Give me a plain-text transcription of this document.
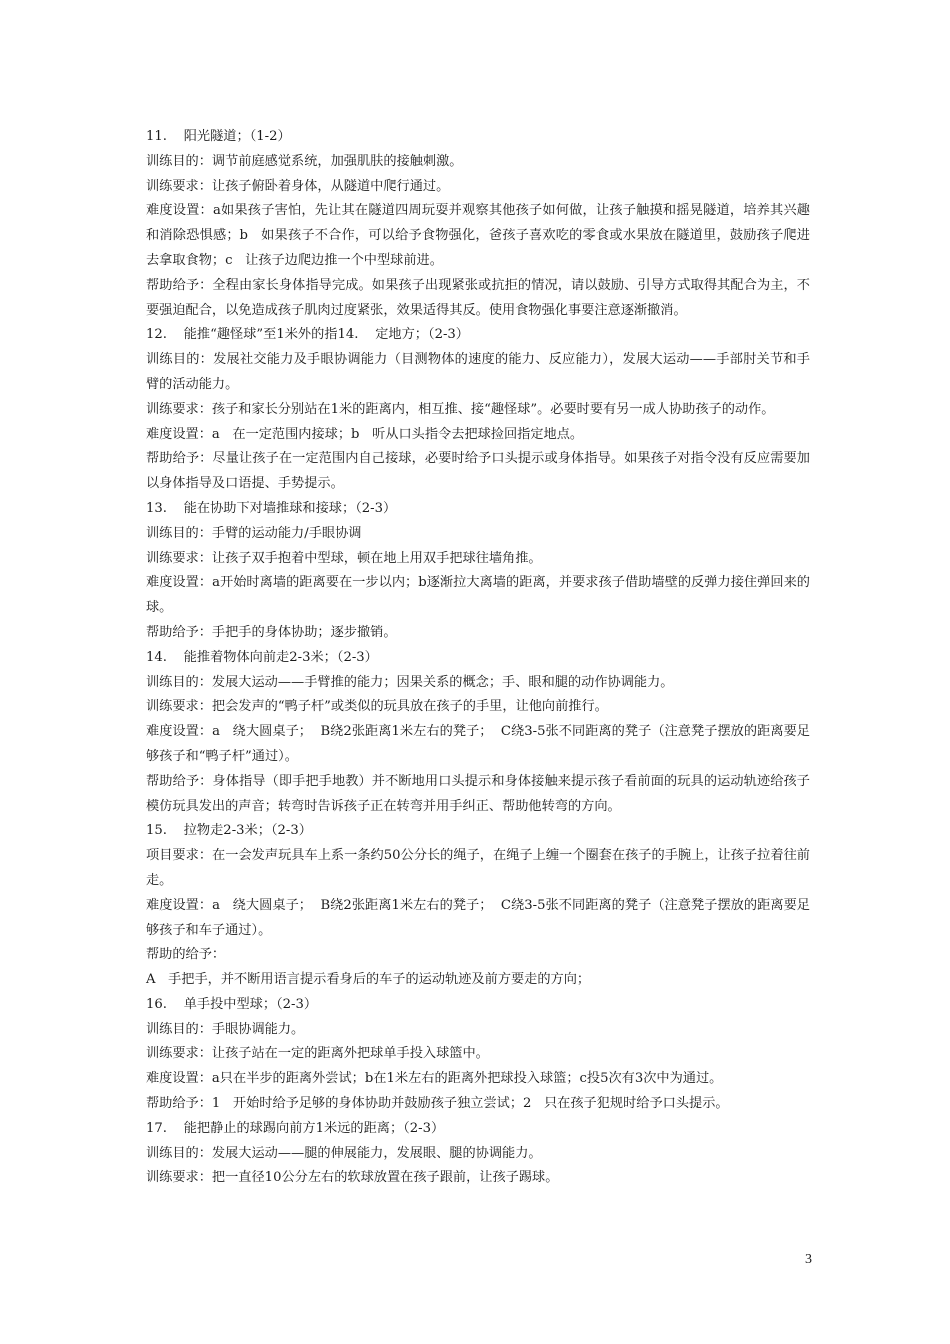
11.    阳光隧道；（1-2）

训练目的：调节前庭感觉系统，加强肌肤的接触刺激。

训练要求：让孩子俯卧着身体，从隧道中爬行通过。

难度设置：a如果孩子害怕，先让其在隧道四周玩耍并观察其他孩子如何做，让孩子触摸和摇晃隧道，培养其兴趣和消除恐惧感；b   如果孩子不合作，可以给予食物强化，爸孩子喜欢吃的零食或水果放在隧道里，鼓励孩子爬进去拿取食物；c   让孩子边爬边推一个中型球前进。

帮助给予：全程由家长身体指导完成。如果孩子出现紧张或抗拒的情况，请以鼓励、引导方式取得其配合为主，不要强迫配合，以免造成孩子肌肉过度紧张，效果适得其反。使用食物强化事要注意逐渐撤消。

12.    能推“趣怪球”至1米外的指14.    定地方；（2-3）

训练目的：发展社交能力及手眼协调能力（目测物体的速度的能力、反应能力），发展大运动——手部肘关节和手臂的活动能力。

训练要求：孩子和家长分别站在1米的距离内，相互推、接“趣怪球”。必要时要有另一成人协助孩子的动作。

难度设置：a   在一定范围内接球；b   听从口头指令去把球捡回指定地点。

帮助给予：尽量让孩子在一定范围内自己接球，必要时给予口头提示或身体指导。如果孩子对指令没有反应需要加以身体指导及口语提、手势提示。

13.    能在协助下对墙推球和接球；（2-3）

训练目的：手臂的运动能力/手眼协调

训练要求：让孩子双手抱着中型球，顿在地上用双手把球往墙角推。

难度设置：a开始时离墙的距离要在一步以内；b逐渐拉大离墙的距离，并要求孩子借助墙壁的反弹力接住弹回来的球。

帮助给予：手把手的身体协助；逐步撤销。

14.    能推着物体向前走2-3米；（2-3）

训练目的：发展大运动——手臂推的能力；因果关系的概念；手、眼和腿的动作协调能力。

训练要求：把会发声的“鸭子杆”或类似的玩具放在孩子的手里，让他向前推行。

难度设置：a   绕大圆桌子；  B绕2张距离1米左右的凳子；  C绕3-5张不同距离的凳子（注意凳子摆放的距离要足够孩子和“鸭子杆”通过）。

帮助给予：身体指导（即手把手地教）并不断地用口头提示和身体接触来提示孩子看前面的玩具的运动轨迹给孩子模仿玩具发出的声音；转弯时告诉孩子正在转弯并用手纠正、帮助他转弯的方向。

15.    拉物走2-3米；（2-3）

项目要求：在一会发声玩具车上系一条约50公分长的绳子，在绳子上缠一个圈套在孩子的手腕上，让孩子拉着往前走。

难度设置：a   绕大圆桌子；  B绕2张距离1米左右的凳子；  C绕3-5张不同距离的凳子（注意凳子摆放的距离要足够孩子和车子通过）。

帮助的给予：

A   手把手，并不断用语言提示看身后的车子的运动轨迹及前方要走的方向；

16.    单手投中型球；（2-3）

训练目的：手眼协调能力。

训练要求：让孩子站在一定的距离外把球单手投入球篮中。

难度设置：a只在半步的距离外尝试；b在1米左右的距离外把球投入球篮；c投5次有3次中为通过。

帮助给予：1   开始时给予足够的身体协助并鼓励孩子独立尝试；2   只在孩子犯规时给予口头提示。

17.    能把静止的球踢向前方1米远的距离；（2-3）

训练目的：发展大运动——腿的伸展能力，发展眼、腿的协调能力。

训练要求：把一直径10公分左右的软球放置在孩子跟前，让孩子踢球。

3
